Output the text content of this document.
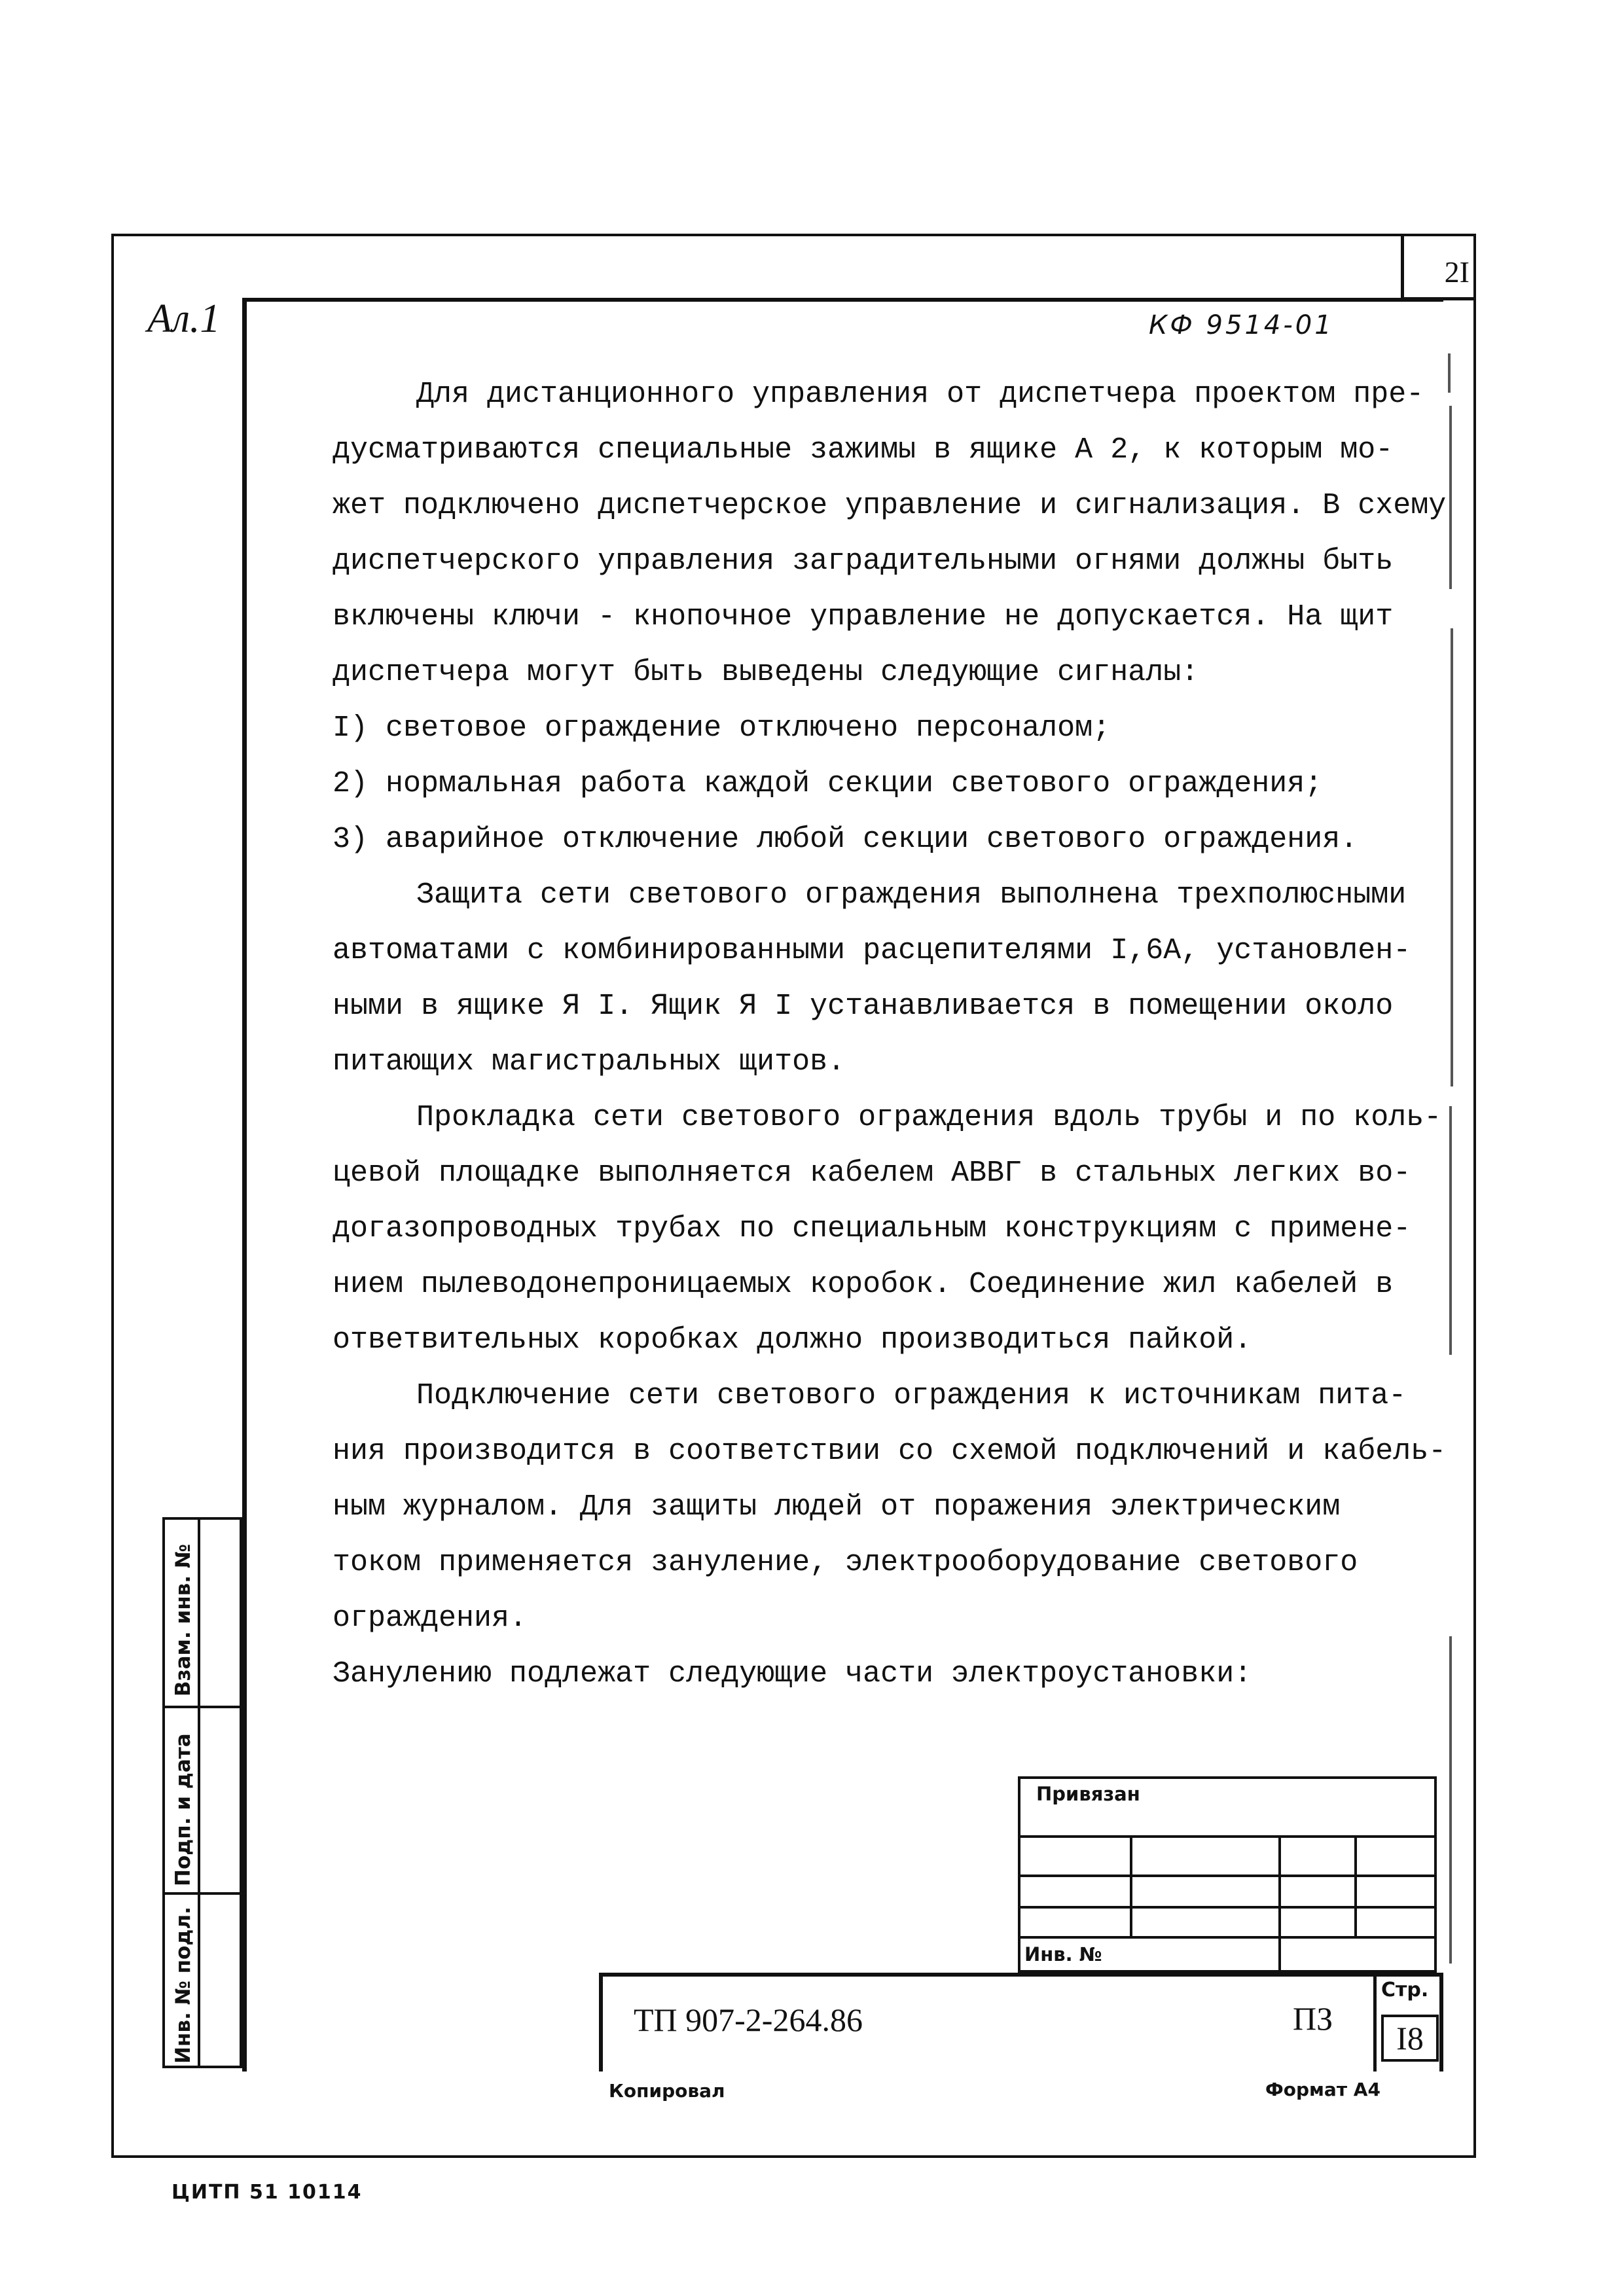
2I
Ал.1	КФ 9514-01

Для дистанционного управления от диспетчера проектом пре-

дусматриваются специальные зажимы в ящике А 2, к которым мо-

жет подключено диспетчерское управление и сигнализация. В схему

диспетчерского управления заградительными огнями должны быть

включены ключи - кнопочное управление не допускается. На щит

диспетчера могут быть выведены следующие сигналы:

I) световое ограждение отключено персоналом;

2) нормальная работа каждой секции светового ограждения;

3) аварийное отключение любой секции светового ограждения.

Защита сети светового ограждения выполнена трехполюсными

автоматами с комбинированными расцепителями I,6А, установлен-

ными в ящике Я I. Ящик Я I устанавливается в помещении около

питающих магистральных щитов.

Прокладка сети светового ограждения вдоль трубы и по коль-

цевой площадке выполняется кабелем АВВГ в стальных легких во-

догазопроводных трубах по специальным конструкциям с примене-

нием пылеводонепроницаемых коробок. Соединение жил кабелей в

ответвительных коробках должно производиться пайкой.

Подключение сети светового ограждения к источникам пита-

ния производится в соответствии со схемой подключений и кабель-

ным журналом. Для защиты людей от поражения электрическим

током применяется зануление, электрооборудование светового

ограждения.

Занулению подлежат следующие части электроустановки:

Взам. инв. №
Подп. и дата
Инв. № подл.
Привязан
Инв. №
ТП 907-2-264.86	ПЗ
Стр.
I8
Копировал	Формат А4
ЦИТП 51 10114
